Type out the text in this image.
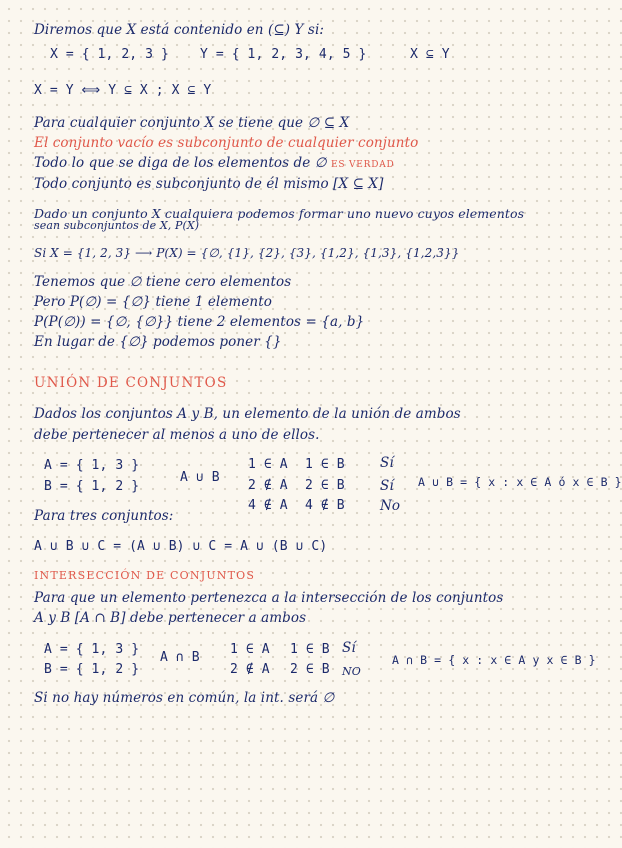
Diremos que X está contenido en (⊆) Y si:
X = { 1, 2, 3 } Y = { 1, 2, 3, 4, 5 }	X ⊆ Y
X = Y ⟺ Y ⊆ X ; X ⊆ Y
Para cualquier conjunto X se tiene que ∅ ⊆ X
El conjunto vacío es subconjunto de cualquier conjunto
Todo lo que se diga de los elementos de ∅ ES VERDAD
Todo conjunto es subconjunto de él mismo [X ⊆ X]
Dado un conjunto X cualquiera podemos formar uno nuevo cuyos elementos
sean subconjuntos de X, P(X)
Si X = {1, 2, 3} ⟶ P(X) = {∅, {1}, {2}, {3}, {1,2}, {1,3}, {1,2,3}}
Tenemos que ∅ tiene cero elementos
Pero P(∅) = {∅} tiene 1 elemento
P(P(∅)) = {∅, {∅}} tiene 2 elementos = {a, b}
En lugar de {∅} podemos poner {}
UNIÓN DE CONJUNTOS
Dados los conjuntos A y B, un elemento de la unión de ambos
debe pertenecer al menos a uno de ellos.
A = { 1, 3 }
B = { 1, 2 }
A ∪ B
1 ∈ A 1 ∈ B	Sí
2 ∉ A 2 ∈ B	Sí
4 ∉ A 4 ∉ B	No
A ∪ B = { x : x ∈ A ó x ∈ B }
Para tres conjuntos:
A ∪ B ∪ C = (A ∪ B) ∪ C = A ∪ (B ∪ C)
INTERSECCIÓN DE CONJUNTOS
Para que un elemento pertenezca a la intersección de los conjuntos
A y B [A ∩ B] debe pertenecer a ambos
A = { 1, 3 }
B = { 1, 2 }
A ∩ B
1 ∈ A 1 ∈ B Sí
2 ∉ A 2 ∈ B NO
A ∩ B = { x : x ∈ A y x ∈ B }
Si no hay números en común, la int. será ∅
